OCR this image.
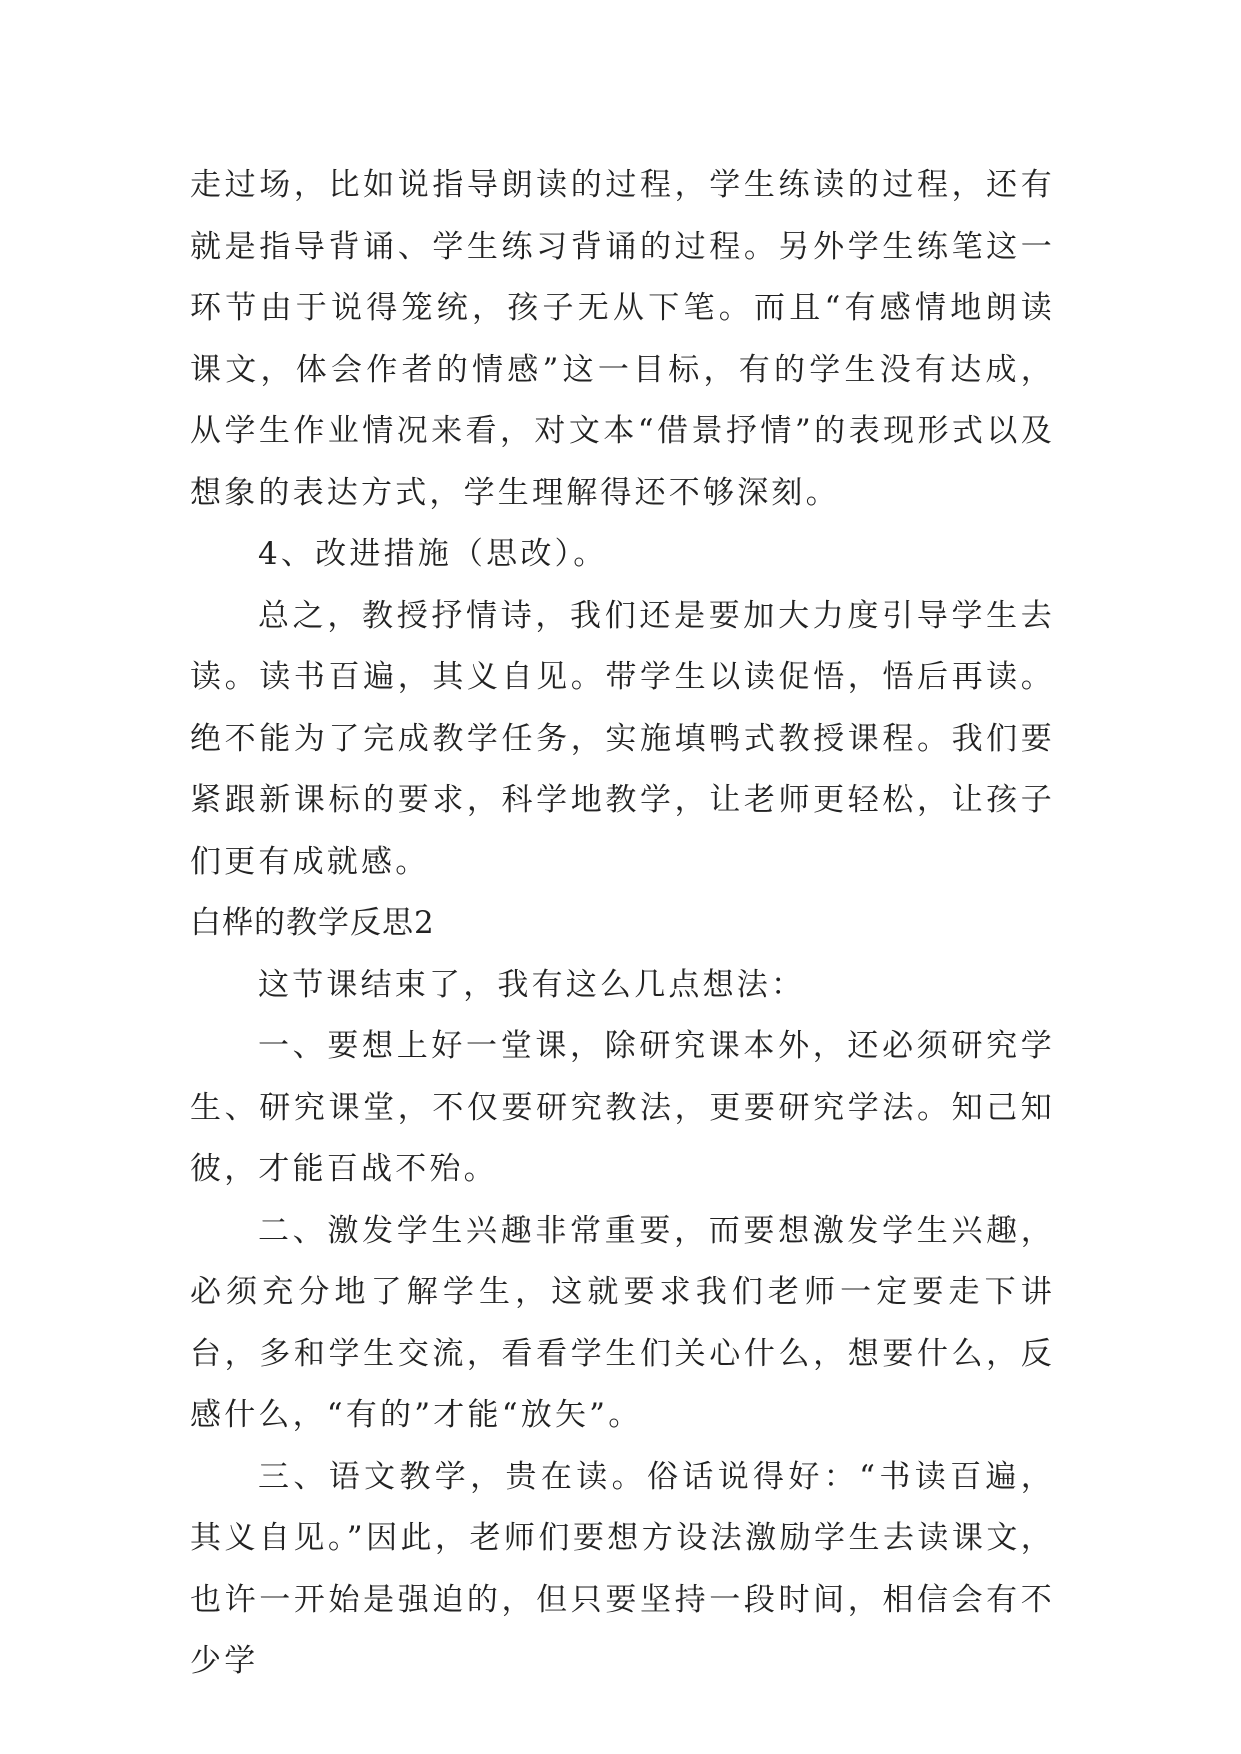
走过场，比如说指导朗读的过程，学生练读的过程，还有就是指导背诵、学生练习背诵的过程。另外学生练笔这一环节由于说得笼统，孩子无从下笔。而且“有感情地朗读课文，体会作者的情感”这一目标，有的学生没有达成，从学生作业情况来看，对文本“借景抒情”的表现形式以及想象的表达方式，学生理解得还不够深刻。

4、改进措施（思改）。

总之，教授抒情诗，我们还是要加大力度引导学生去读。读书百遍，其义自见。带学生以读促悟，悟后再读。绝不能为了完成教学任务，实施填鸭式教授课程。我们要紧跟新课标的要求，科学地教学，让老师更轻松，让孩子们更有成就感。

白桦的教学反思2

这节课结束了，我有这么几点想法：

一、要想上好一堂课，除研究课本外，还必须研究学生、研究课堂，不仅要研究教法，更要研究学法。知己知彼，才能百战不殆。

二、激发学生兴趣非常重要，而要想激发学生兴趣，必须充分地了解学生，这就要求我们老师一定要走下讲台，多和学生交流，看看学生们关心什么，想要什么，反感什么，“有的”才能“放矢”。

三、语文教学，贵在读。俗话说得好：“书读百遍，其义自见。”因此，老师们要想方设法激励学生去读课文，也许一开始是强迫的，但只要坚持一段时间，相信会有不少学
